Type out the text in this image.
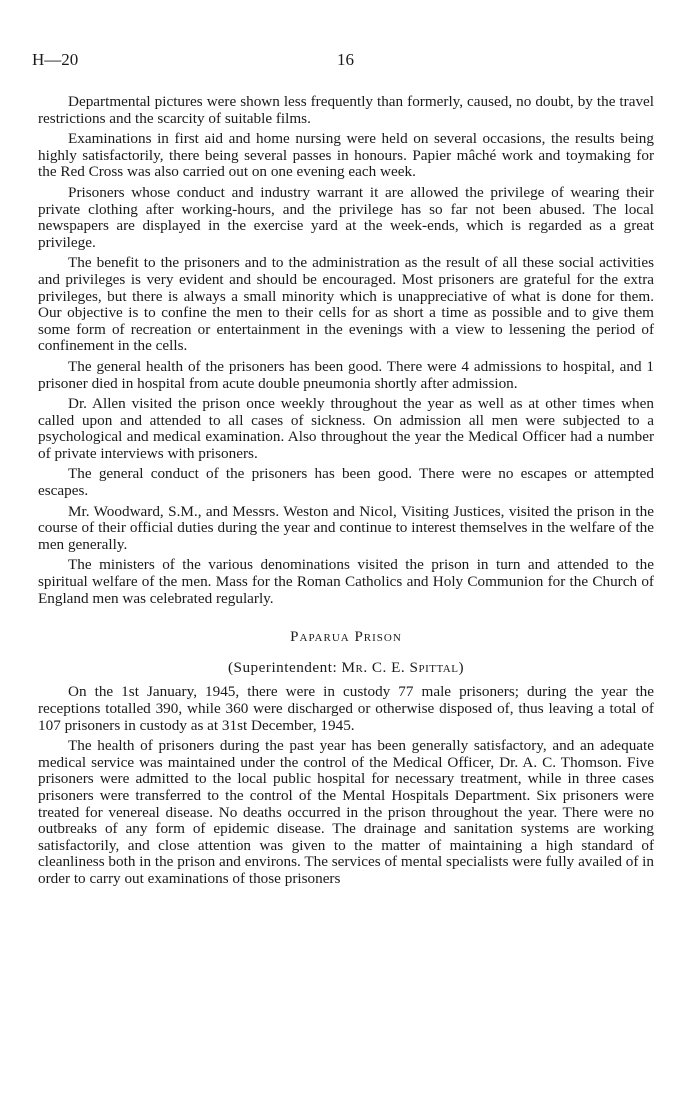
H—20	16

Departmental pictures were shown less frequently than formerly, caused, no doubt, by the travel restrictions and the scarcity of suitable films.

Examinations in first aid and home nursing were held on several occasions, the results being highly satisfactorily, there being several passes in honours. Papier mâché work and toymaking for the Red Cross was also carried out on one evening each week.

Prisoners whose conduct and industry warrant it are allowed the privilege of wearing their private clothing after working-hours, and the privilege has so far not been abused. The local newspapers are displayed in the exercise yard at the week-ends, which is regarded as a great privilege.

The benefit to the prisoners and to the administration as the result of all these social activities and privileges is very evident and should be encouraged. Most prisoners are grateful for the extra privileges, but there is always a small minority which is unappreciative of what is done for them. Our objective is to confine the men to their cells for as short a time as possible and to give them some form of recreation or entertainment in the evenings with a view to lessening the period of confinement in the cells.

The general health of the prisoners has been good. There were 4 admissions to hospital, and 1 prisoner died in hospital from acute double pneumonia shortly after admission.

Dr. Allen visited the prison once weekly throughout the year as well as at other times when called upon and attended to all cases of sickness. On admission all men were subjected to a psychological and medical examination. Also throughout the year the Medical Officer had a number of private interviews with prisoners.

The general conduct of the prisoners has been good. There were no escapes or attempted escapes.

Mr. Woodward, S.M., and Messrs. Weston and Nicol, Visiting Justices, visited the prison in the course of their official duties during the year and continue to interest themselves in the welfare of the men generally.

The ministers of the various denominations visited the prison in turn and attended to the spiritual welfare of the men. Mass for the Roman Catholics and Holy Communion for the Church of England men was celebrated regularly.

Paparua Prison
(Superintendent: Mr. C. E. Spittal)

On the 1st January, 1945, there were in custody 77 male prisoners; during the year the receptions totalled 390, while 360 were discharged or otherwise disposed of, thus leaving a total of 107 prisoners in custody as at 31st December, 1945.

The health of prisoners during the past year has been generally satisfactory, and an adequate medical service was maintained under the control of the Medical Officer, Dr. A. C. Thomson. Five prisoners were admitted to the local public hospital for necessary treatment, while in three cases prisoners were transferred to the control of the Mental Hospitals Department. Six prisoners were treated for venereal disease. No deaths occurred in the prison throughout the year. There were no outbreaks of any form of epidemic disease. The drainage and sanitation systems are working satisfactorily, and close attention was given to the matter of maintaining a high standard of cleanliness both in the prison and environs. The services of mental specialists were fully availed of in order to carry out examinations of those prisoners
